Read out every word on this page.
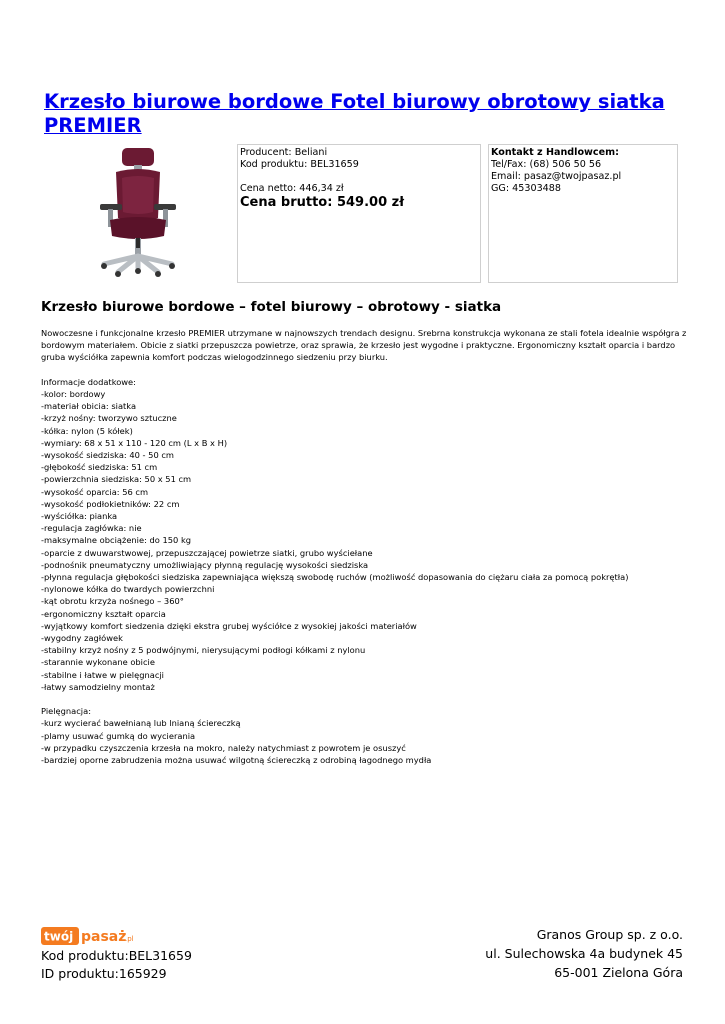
Krzesło biurowe bordowe Fotel biurowy obrotowy siatka PREMIER
Producent: Beliani
Kod produktu: BEL31659
Cena netto: 446,34 zł
Cena brutto: 549.00 zł
Kontakt z Handlowcem:
Tel/Fax: (68) 506 50 56
Email: pasaz@twojpasaz.pl
GG: 45303488
Krzesło biurowe bordowe – fotel biurowy – obrotowy - siatka

Nowoczesne i funkcjonalne krzesło PREMIER utrzymane w najnowszych trendach designu. Srebrna konstrukcja wykonana ze stali fotela idealnie współgra z bordowym materiałem. Obicie z siatki przepuszcza powietrze, oraz sprawia, że krzesło jest wygodne i praktyczne. Ergonomiczny kształt oparcia i bardzo gruba wyściółka zapewnia komfort podczas wielogodzinnego siedzeniu przy biurku.

Informacje dodatkowe:

-kolor: bordowy

-materiał obicia: siatka

-krzyż nośny: tworzywo sztuczne

-kółka: nylon (5 kółek)

-wymiary: 68 x 51 x 110 - 120 cm (L x B x H)

-wysokość siedziska: 40 - 50 cm

-głębokość siedziska: 51 cm

-powierzchnia siedziska: 50 x 51 cm

-wysokość oparcia: 56 cm

-wysokość podłokietników: 22 cm

-wyściółka: pianka

-regulacja zagłówka: nie

-maksymalne obciążenie: do 150 kg

-oparcie z dwuwarstwowej, przepuszczającej powietrze siatki, grubo wyściełane

-podnośnik pneumatyczny umożliwiający płynną regulację wysokości siedziska

-płynna regulacja głębokości siedziska zapewniająca większą swobodę ruchów (możliwość dopasowania do ciężaru ciała za pomocą pokrętła)

-nylonowe kółka do twardych powierzchni

-kąt obrotu krzyża nośnego – 360°

-ergonomiczny kształt oparcia

-wyjątkowy komfort siedzenia dzięki ekstra grubej wyściółce z wysokiej jakości materiałów

-wygodny zagłówek

-stabilny krzyż nośny z 5 podwójnymi, nierysującymi podłogi kółkami z nylonu

-starannie wykonane obicie

-stabilne i łatwe w pielęgnacji

-łatwy samodzielny montaż

Pielęgnacja:

-kurz wycierać bawełnianą lub lnianą ściereczką

-plamy usuwać gumką do wycierania

-w przypadku czyszczenia krzesła na mokro, należy natychmiast z powrotem je osuszyć

-bardziej oporne zabrudzenia można usuwać wilgotną ściereczką z odrobiną łagodnego mydła

twój pasaż
.pl
Kod produktu:BEL31659
ID produktu:165929
Granos Group sp. z o.o.
ul. Sulechowska 4a budynek 45
65-001 Zielona Góra
